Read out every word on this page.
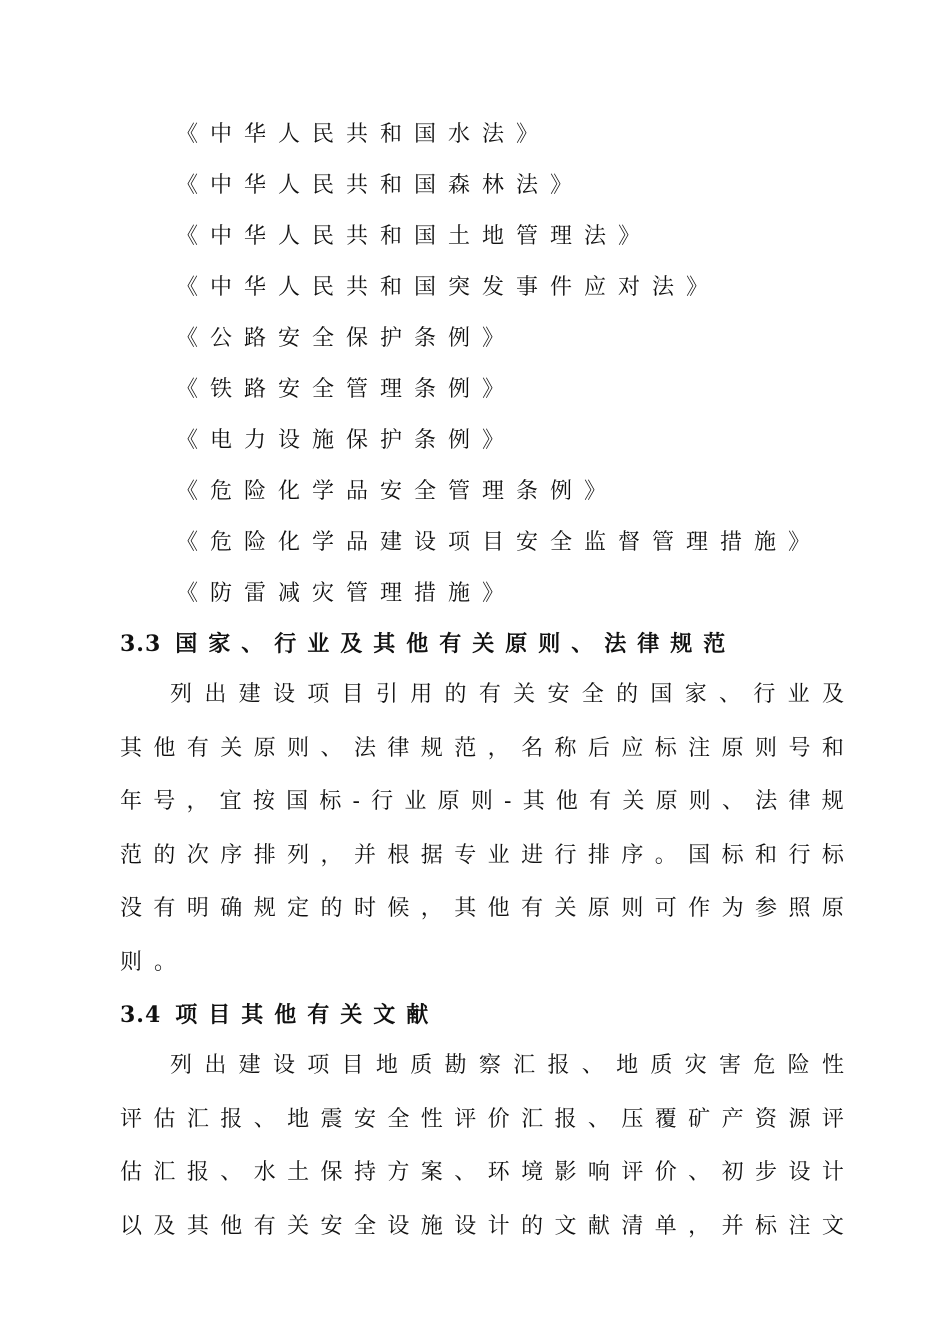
《中华人民共和国水法》
《中华人民共和国森林法》
《中华人民共和国土地管理法》
《中华人民共和国突发事件应对法》
《公路安全保护条例》
《铁路安全管理条例》
《电力设施保护条例》
《危险化学品安全管理条例》
《危险化学品建设项目安全监督管理措施》
《防雷减灾管理措施》
3.3 国家、行业及其他有关原则、法律规范
列 出 建 设 项 目 引 用 的 有 关 安 全 的 国 家 、 行 业 及
其 他 有 关 原 则 、 法 律 规 范 ， 名 称 后 应 标 注 原 则 号 和
年 号 ， 宜 按 国 标 - 行 业 原 则 - 其 他 有 关 原 则 、 法 律 规
范 的 次 序 排 列 ， 并 根 据 专 业 进 行 排 序 。 国 标 和 行 标
没 有 明 确 规 定 的 时 候 ， 其 他 有 关 原 则 可 作 为 参 照 原
则。
3.4 项目其他有关文献
列 出 建 设 项 目 地 质 勘 察 汇 报 、 地 质 灾 害 危 险 性
评 估 汇 报 、 地 震 安 全 性 评 价 汇 报 、 压 覆 矿 产 资 源 评
估 汇 报 、 水 土 保 持 方 案 、 环 境 影 响 评 价 、 初 步 设 计
以 及 其 他 有 关 安 全 设 施 设 计 的 文 献 清 单 ， 并 标 注 文
